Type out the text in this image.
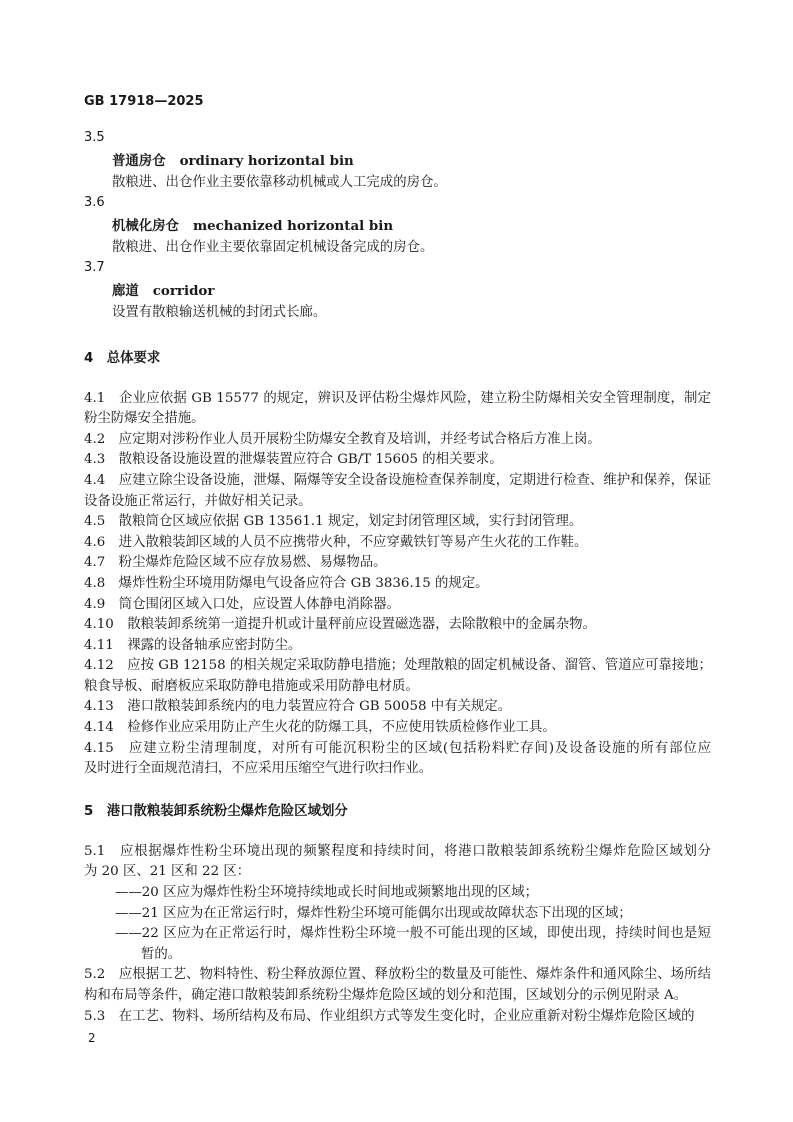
GB 17918—2025
3.5
普通房仓 ordinary horizontal bin
散粮进、出仓作业主要依靠移动机械或人工完成的房仓。
3.6
机械化房仓 mechanized horizontal bin
散粮进、出仓作业主要依靠固定机械设备完成的房仓。
3.7
廊道 corridor
设置有散粮输送机械的封闭式长廊。
4　总体要求
4.1　企业应依据 GB 15577 的规定，辨识及评估粉尘爆炸风险，建立粉尘防爆相关安全管理制度，制定
粉尘防爆安全措施。
4.2　应定期对涉粉作业人员开展粉尘防爆安全教育及培训，并经考试合格后方准上岗。
4.3　散粮设备设施设置的泄爆装置应符合 GB/T 15605 的相关要求。
4.4　应建立除尘设备设施，泄爆、隔爆等安全设备设施检查保养制度，定期进行检查、维护和保养，保证
设备设施正常运行，并做好相关记录。
4.5　散粮筒仓区域应依据 GB 13561.1 规定，划定封闭管理区域，实行封闭管理。
4.6　进入散粮装卸区域的人员不应携带火种，不应穿戴铁钉等易产生火花的工作鞋。
4.7　粉尘爆炸危险区域不应存放易燃、易爆物品。
4.8　爆炸性粉尘环境用防爆电气设备应符合 GB 3836.15 的规定。
4.9　筒仓围闭区域入口处，应设置人体静电消除器。
4.10　散粮装卸系统第一道提升机或计量秤前应设置磁选器，去除散粮中的金属杂物。
4.11　裸露的设备轴承应密封防尘。
4.12　应按 GB 12158 的相关规定采取防静电措施；处理散粮的固定机械设备、溜管、管道应可靠接地；
粮食导板、耐磨板应采取防静电措施或采用防静电材质。
4.13　港口散粮装卸系统内的电力装置应符合 GB 50058 中有关规定。
4.14　检修作业应采用防止产生火花的防爆工具，不应使用铁质检修作业工具。
4.15　应建立粉尘清理制度，对所有可能沉积粉尘的区域(包括粉料贮存间)及设备设施的所有部位应
及时进行全面规范清扫，不应采用压缩空气进行吹扫作业。
5　港口散粮装卸系统粉尘爆炸危险区域划分
5.1　应根据爆炸性粉尘环境出现的频繁程度和持续时间，将港口散粮装卸系统粉尘爆炸危险区域划分
为 20 区、21 区和 22 区：
——20 区应为爆炸性粉尘环境持续地或长时间地或频繁地出现的区域；
——21 区应为在正常运行时，爆炸性粉尘环境可能偶尔出现或故障状态下出现的区域；
——22 区应为在正常运行时，爆炸性粉尘环境一般不可能出现的区域，即使出现，持续时间也是短
暂的。
5.2　应根据工艺、物料特性、粉尘释放源位置、释放粉尘的数量及可能性、爆炸条件和通风除尘、场所结
构和布局等条件，确定港口散粮装卸系统粉尘爆炸危险区域的划分和范围，区域划分的示例见附录 A。
5.3　在工艺、物料、场所结构及布局、作业组织方式等发生变化时，企业应重新对粉尘爆炸危险区域的
2
